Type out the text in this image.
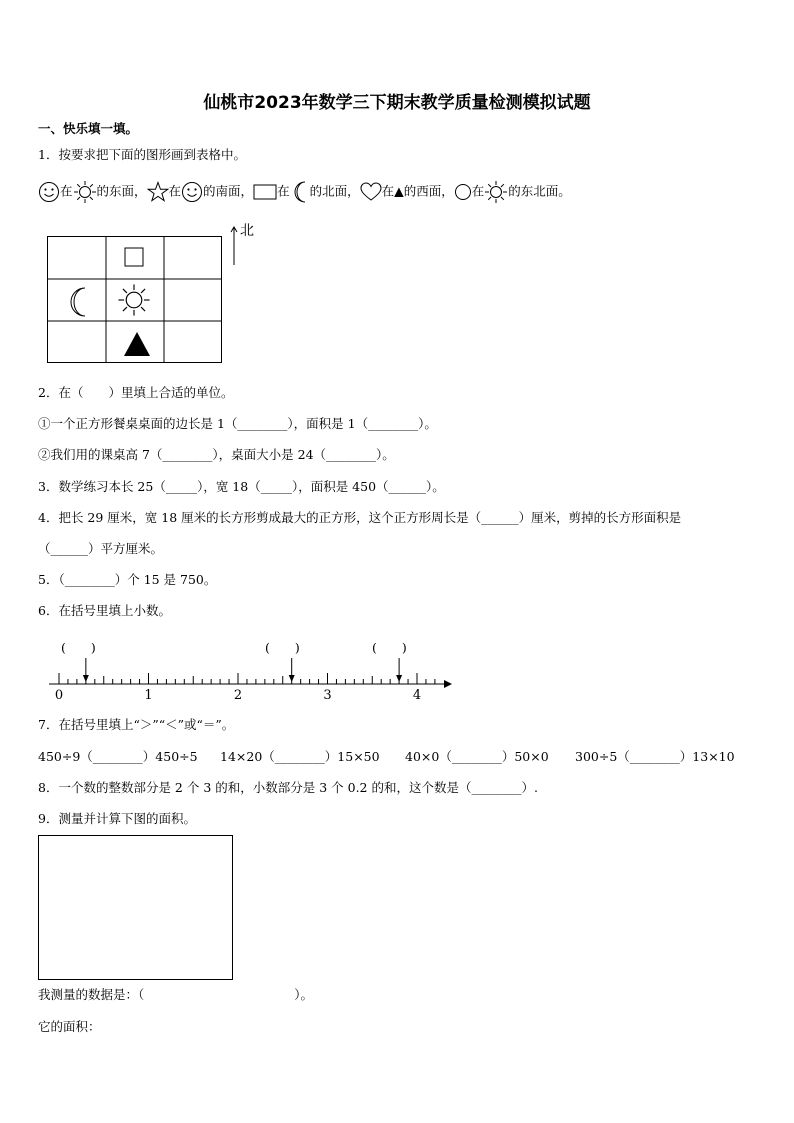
仙桃市2023年数学三下期末教学质量检测模拟试题
一、快乐填一填。
1．按要求把下面的图形画到表格中。
在 的东面， 在 的南面， 在 的北面， 在▲的西面， 在 的东北面。
北
2．在（　　）里填上合适的单位。
①一个正方形餐桌桌面的边长是 1（________），面积是 1（________）。
②我们用的课桌高 7（________），桌面大小是 24（________）。
3．数学练习本长 25（_____），宽 18（_____），面积是 450（______）。
4．把长 29 厘米，宽 18 厘米的长方形剪成最大的正方形，这个正方形周长是（______）厘米，剪掉的长方形面积是
（______）平方厘米。
5．（________）个 15 是 750。
6．在括号里填上小数。
(　　)	(　　)	(　　)
0	1	2	3	4
7．在括号里填上“＞”“＜”或“＝”。
450÷9（________）450÷5 14×20（________）15×50 40×0（________）50×0 300÷5（________）13×10
8．一个数的整数部分是 2 个 3 的和，小数部分是 3 个 0.2 的和，这个数是（________）.
9．测量并计算下图的面积。
我测量的数据是：（　　　　　　　　　　　　）。
它的面积：
